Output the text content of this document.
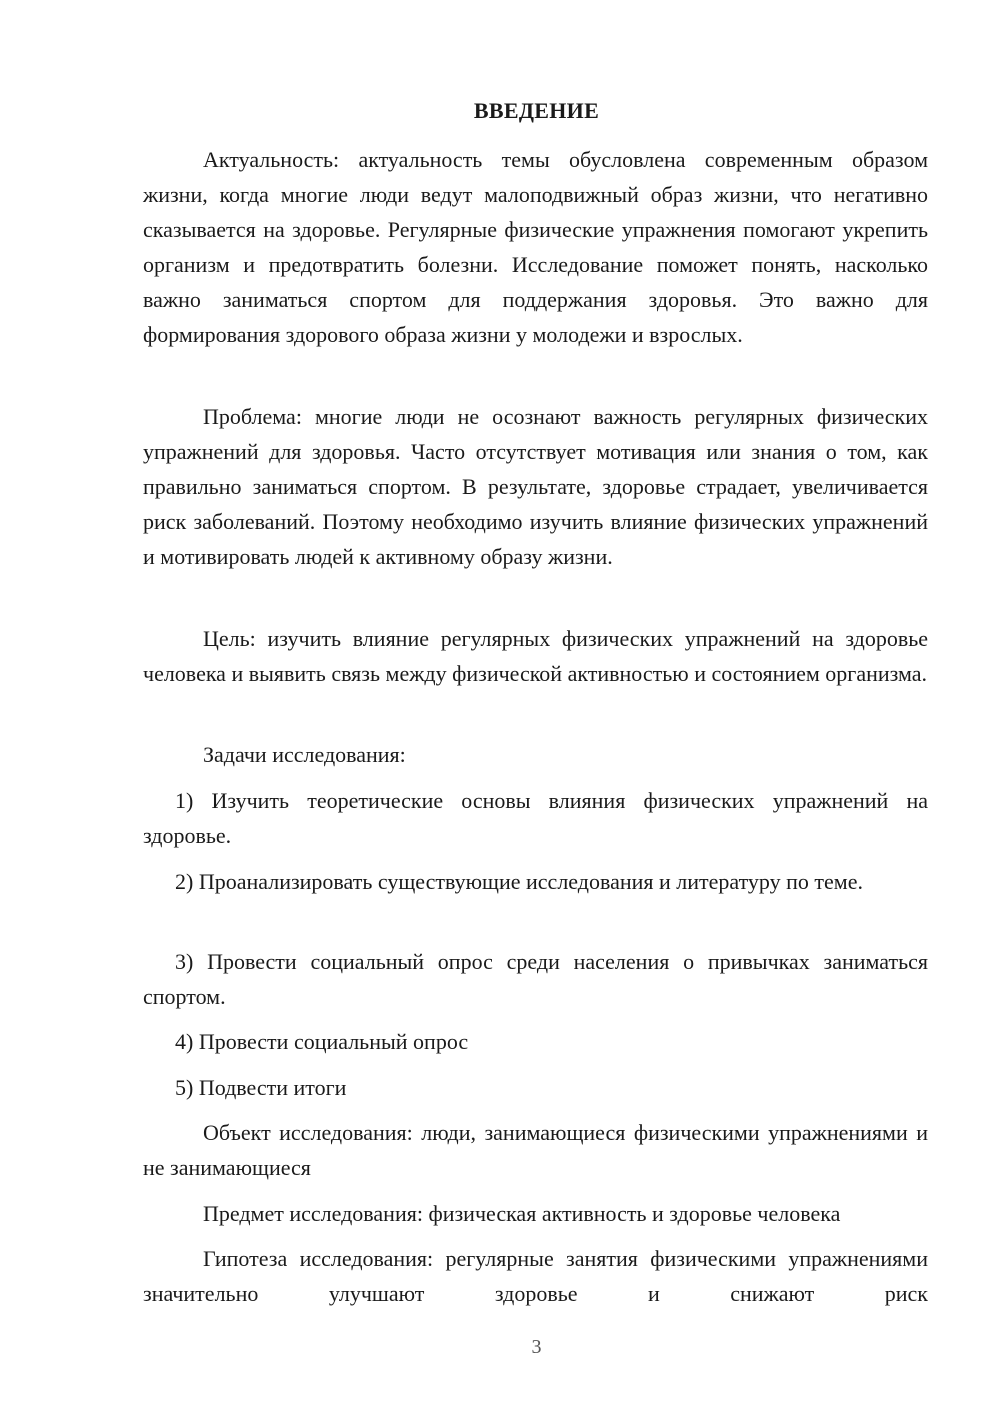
ВВЕДЕНИЕ

Актуальность: актуальность темы обусловлена современным образом жизни, когда многие люди ведут малоподвижный образ жизни, что негативно сказывается на здоровье. Регулярные физические упражнения помогают укрепить организм и предотвратить болезни. Исследование поможет понять, насколько важно заниматься спортом для поддержания здоровья. Это важно для формирования здорового образа жизни у молодежи и взрослых.

Проблема: многие люди не осознают важность регулярных физических упражнений для здоровья. Часто отсутствует мотивация или знания о том, как правильно заниматься спортом. В результате, здоровье страдает, увеличивается риск заболеваний. Поэтому необходимо изучить влияние физических упражнений и мотивировать людей к активному образу жизни.

Цель: изучить влияние регулярных физических упражнений на здоровье человека и выявить связь между физической активностью и состоянием организма.

Задачи исследования:

1) Изучить теоретические основы влияния физических упражнений на здоровье.

2) Проанализировать существующие исследования и литературу по теме.

3) Провести социальный опрос среди населения о привычках заниматься спортом.

4) Провести социальный опрос

5) Подвести итоги

Объект исследования: люди, занимающиеся физическими упражнениями и не занимающиеся

Предмет исследования: физическая активность и здоровье человека

Гипотеза исследования: регулярные занятия физическими упражнениями значительно улучшают здоровье и снижают риск

3
